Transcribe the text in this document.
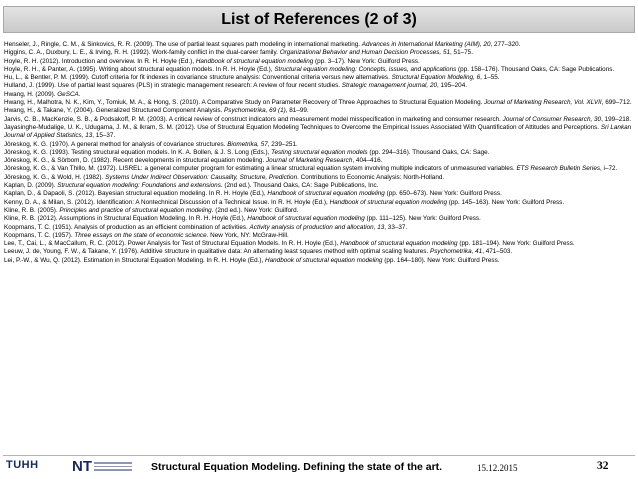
List of References (2 of 3)

Henseler, J., Ringle, C. M., & Sinkovics, R. R. (2009). The use of partial least squares path modeling in international marketing. Advances in International Marketing (AIM), 20, 277–320.

Higgins, C. A., Duxbury, L. E., & Irving, R. H. (1992). Work-family conflict in the dual-career family. Organizational Behavior and Human Decision Processes, 51, 51–75.

Hoyle, R. H. (2012). Introduction and overview. In R. H. Hoyle (Ed.), Handbook of structural equation modeling (pp. 3–17). New York: Guilford Press.

Hoyle, R. H., & Panter, A. (1995). Writing about structural equation models. In R. H. Hoyle (Ed.), Structural equation modeling: Concepts, issues, and applications (pp. 158–176). Thousand Oaks, CA: Sage Publications.

Hu, L., & Bentler, P. M. (1999). Cutoff criteria for fit indexes in covariance structure analysis: Conventional criteria versus new alternatives. Structural Equation Modeling, 6, 1–55.

Hulland, J. (1999). Use of partial least squares (PLS) in strategic management research: A review of four recent studies. Strategic management journal, 20, 195–204.

Hwang, H. (2009). GeSCA.

Hwang, H., Malhotra, N. K., Kim, Y., Tomiuk, M. A., & Hong, S. (2010). A Comparative Study on Parameter Recovery of Three Approaches to Structural Equation Modeling. Journal of Marketing Research, Vol. XLVII, 699–712.

Hwang, H., & Takane, Y. (2004). Generalized Structured Component Analysis. Psychometrika, 69 (1), 81–99.

Jarvis, C. B., MacKenzie, S. B., & Podsakoff, P. M. (2003). A critical review of construct indicators and measurement model misspecification in marketing and consumer research. Journal of Consumer Research, 30, 199–218.

Jayasinghe-Mudalige, U. K., Udugama, J. M., & Ikram, S. M. (2012). Use of Structural Equation Modeling Techniques to Overcome the Empirical Issues Associated With Quantification of Attitudes and Perceptions. Sri Lankan Journal of Applied Statistics, 13, 15–37.

Jöreskog, K. G. (1970). A general method for analysis of covariance structures. Biometrika, 57, 239–251.

Jöreskog, K. G. (1993). Testing structural equation models. In K. A. Bollen, & J. S. Long (Eds.), Testing structural equation models (pp. 294–316). Thousand Oaks, CA: Sage.

Jöreskog, K. G., & Sörbom, D. (1982). Recent developments in structural equation modeling. Journal of Marketing Research, 404–416.

Jöreskog, K. G., & Van Thillo, M. (1972). LISREL: a general computer program for estimating a linear structural equation system involving multiple indicators of unmeasured variables. ETS Research Bulletin Series, i–72.

Jöreskog, K. G., & Wold, H. (1982). Systems Under Indirect Observation: Causality, Structure, Prediction. Contributions to Economic Analysis: North-Holland.

Kaplan, D. (2009). Structural equation modeling: Foundations and extensions. (2nd ed.). Thousand Oaks, CA: Sage Publications, Inc.

Kaplan, D., & Dapaoli, S. (2012). Bayesian structural equation modeling. In R. H. Hoyle (Ed.), Handbook of structural equation modeling (pp. 650–673). New York: Guilford Press.

Kenny, D. A., & Milan, S. (2012). Identification: A Nontechnical Discussion of a Technical Issue. In R. H. Hoyle (Ed.), Handbook of structural equation modeling (pp. 145–163). New York: Guilford Press.

Kline, R. B. (2005). Principles and practice of structural equation modeling. (2nd ed.). New York: Guilford.

Kline, R. B. (2012). Assumptions in Structural Equation Modeling. In R. H. Hoyle (Ed.), Handbook of structural equation modeling (pp. 111–125). New York: Guilford Press.

Koopmans, T. C. (1951). Analysis of production as an efficient combination of activities. Activity analysis of production and allocation, 13, 33–37.

Koopmans, T. C. (1957). Three essays on the state of economic science. New York, NY: McGraw-Hill.

Lee, T., Cai, L., & MacCallum, R. C. (2012). Power Analysis for Test of Structural Equation Models. In R. H. Hoyle (Ed.), Handbook of structural equation modeling (pp. 181–194). New York: Guilford Press.

Leeuw, J. de, Young, F. W., & Takane, Y. (1976). Additive structure in qualitative data: An alternating least squares method with optimal scaling features. Psychometrika, 41, 471–503.

Lei, P.-W., & Wu, Q. (2012). Estimation in Structural Equation Modeling. In R. H. Hoyle (Ed.), Handbook of structural equation modeling (pp. 164–180). New York: Guilford Press.

TUHH NT	Structural Equation Modeling. Defining the state of the art.	15.12.2015	32
